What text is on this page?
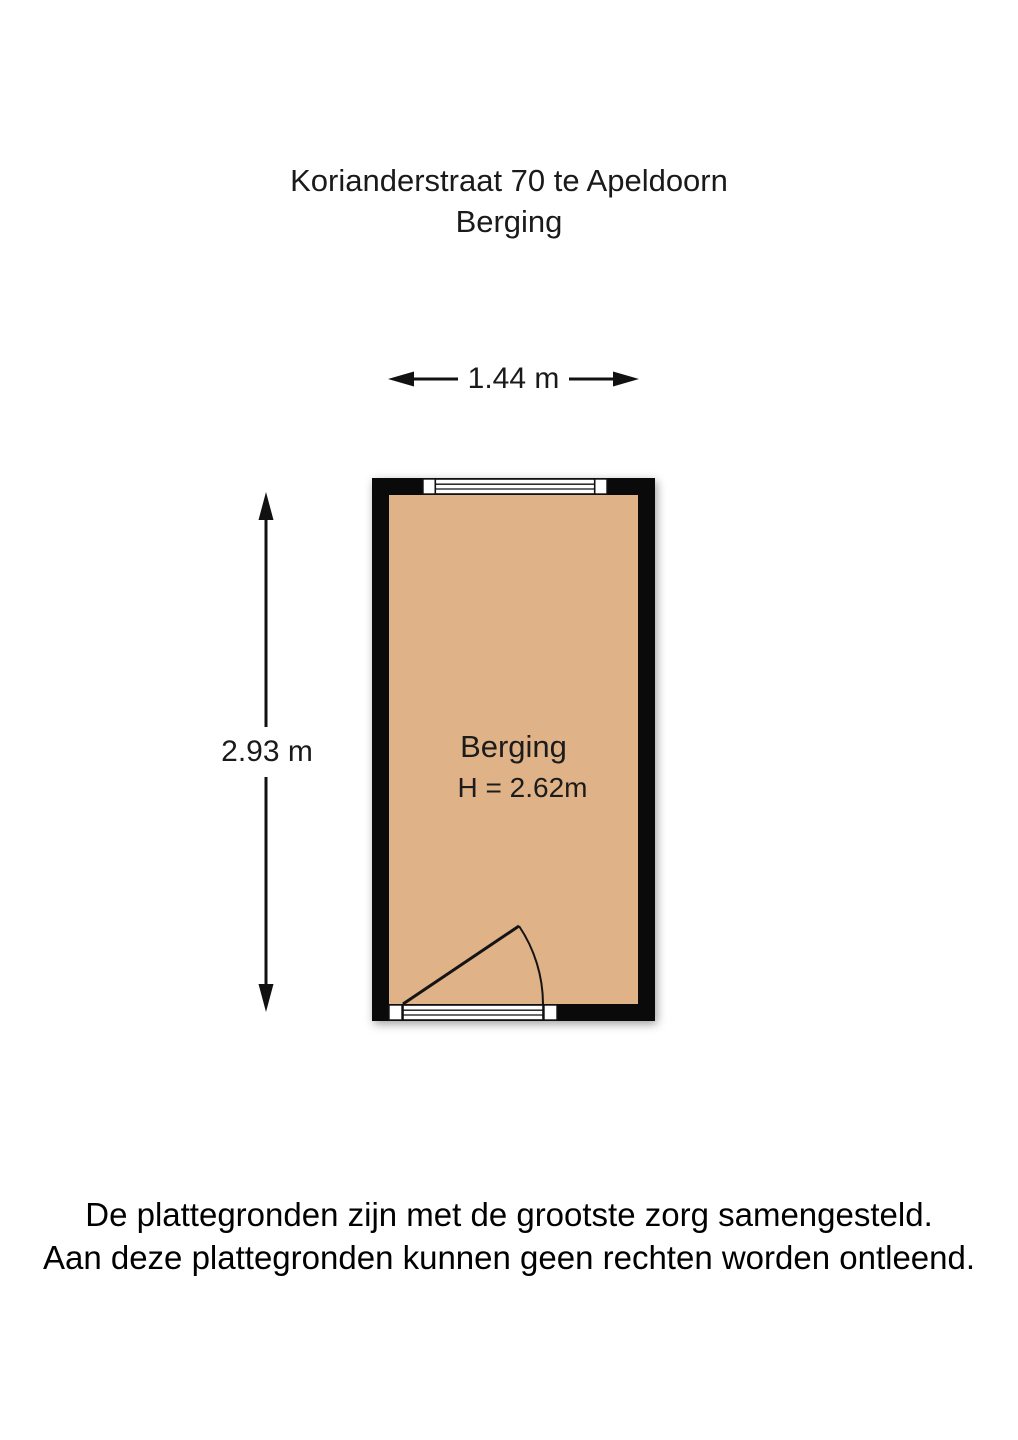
Korianderstraat 70 te Apeldoorn
Berging
1.44 m
2.93 m	Berging
H = 2.62m
De plattegronden zijn met de grootste zorg samengesteld.
Aan deze plattegronden kunnen geen rechten worden ontleend.
